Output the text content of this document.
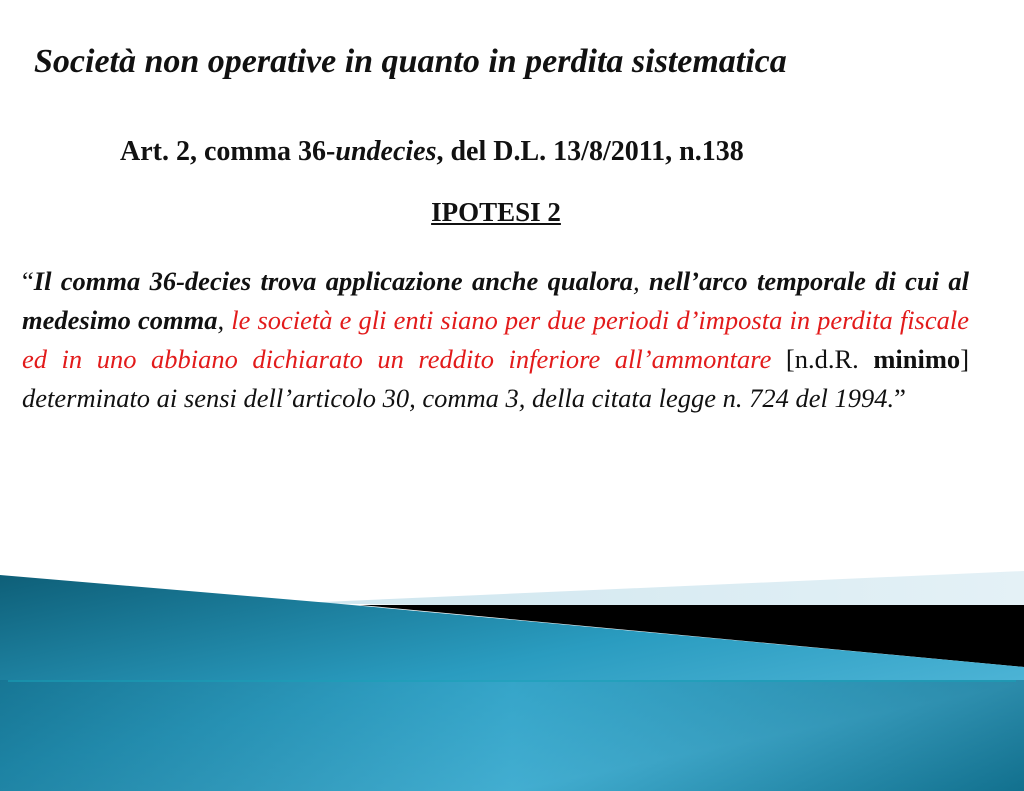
Società non operative in quanto in perdita sistematica
Art. 2, comma 36-undecies, del D.L. 13/8/2011, n.138
IPOTESI 2
“Il comma 36-decies trova applicazione anche qualora, nell’arco temporale di cui al medesimo comma, le società e gli enti siano per due periodi d’imposta in perdita fiscale ed in uno abbiano dichiarato un reddito inferiore all’ammontare [n.d.R. minimo] determinato ai sensi dell’articolo 30, comma 3, della citata legge n. 724 del 1994.”
